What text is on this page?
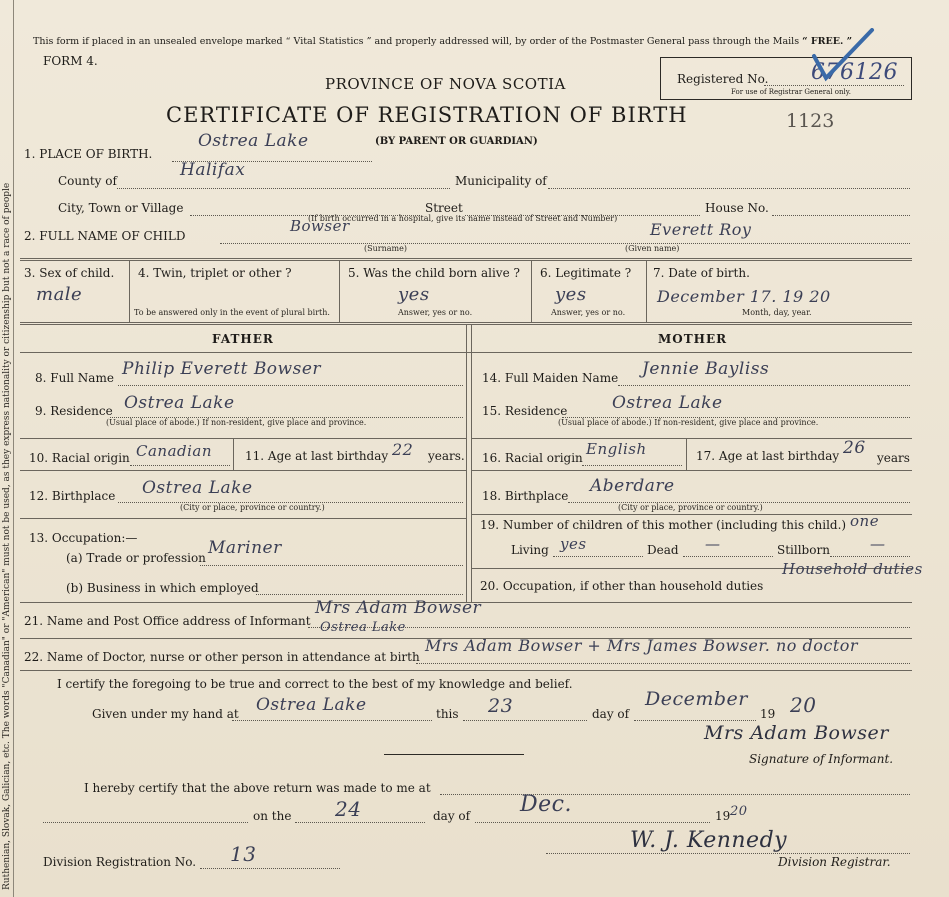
Ruthenian, Slovak, Galician, etc. The words "Canadian" or "American" must not be used, as they express nationality or citizenship but not a race of people
This form if placed in an unsealed envelope marked “ Vital Statistics ” and properly addressed will, by order of the Postmaster General pass through the Mails “ FREE. ”
FORM 4.
PROVINCE OF NOVA SCOTIA
CERTIFICATE OF REGISTRATION OF BIRTH
(BY PARENT OR GUARDIAN)
1123
Registered No.
For use of Registrar General only.
676126
1. PLACE OF BIRTH.
Ostrea Lake
County of
Halifax
Municipality of
City, Town or Village	Street	House No.
(If birth occurred in a hospital, give its name instead of Street and Number)
2. FULL NAME OF CHILD
Bowser	Everett Roy
(Surname)	(Given name)
3. Sex of child.
male
4. Twin, triplet or other ?
To be answered only in the event of plural birth.
5. Was the child born alive ?
yes
Answer, yes or no.
6. Legitimate ?
yes
Answer, yes or no.
7. Date of birth.
December 17. 19 20
Month, day, year.
FATHER	MOTHER
8. Full Name Philip Everett Bowser
9. Residence Ostrea Lake
(Usual place of abode.) If non-resident, give place and province.
10. Racial origin Canadian	11. Age at last birthday 22 years.
12. Birthplace Ostrea Lake
(City or place, province or country.)
13. Occupation:—
(a) Trade or profession Mariner
(b) Business in which employed
14. Full Maiden Name Jennie Bayliss
15. Residence	Ostrea Lake
(Usual place of abode.) If non-resident, give place and province.
16. Racial origin English	17. Age at last birthday 26 years
18. Birthplace Aberdare
(City or place, province or country.)
19. Number of children of this mother (including this child.) one
Living yes	Dead —	Stillborn	—
20. Occupation, if other than household duties
Household duties
21. Name and Post Office address of Informant
Mrs Adam Bowser
Ostrea Lake
22. Name of Doctor, nurse or other person in attendance at birth
Mrs Adam Bowser + Mrs James Bowser. no doctor
I certify the foregoing to be true and correct to the best of my knowledge and belief.
Given under my hand at Ostrea Lake	this 23	day of
December
19 20
Mrs Adam Bowser
Signature of Informant.
I hereby certify that the above return was made to me at
on the 24	day of Dec.	19 20
W. J. Kennedy
Division Registrar.
Division Registration No. 13
